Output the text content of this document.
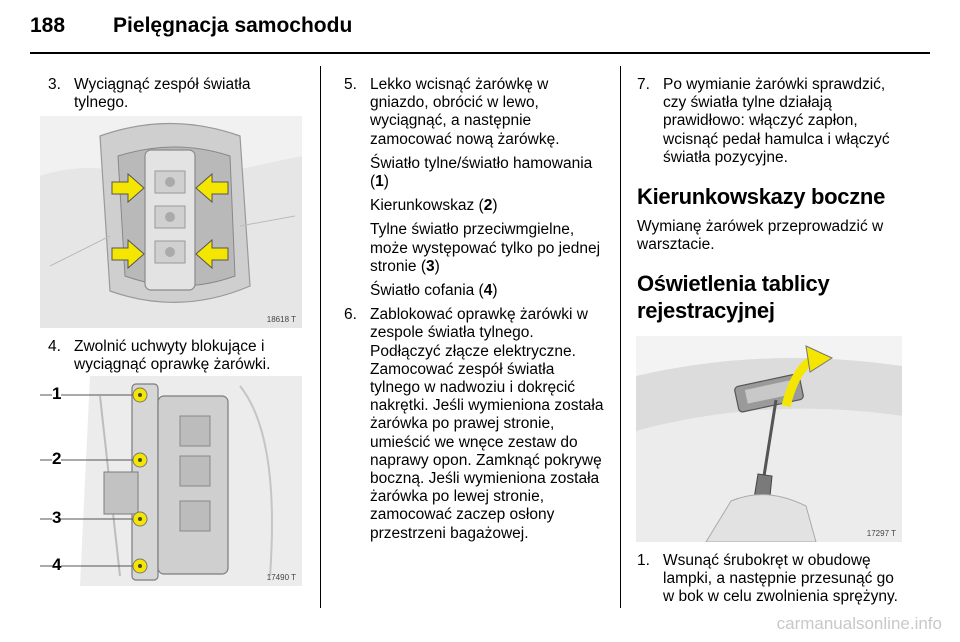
188 Pielęgnacja samochodu
3. Wyciągnąć zespół światła tylnego.
18618 T
4. Zwolnić uchwyty blokujące i wyciągnąć oprawkę żarówki.
1
2
3
4
17490 T
5. Lekko wcisnąć żarówkę w gniazdo, obrócić w lewo, wyciągnąć, a następnie zamocować nową żarówkę.
Światło tylne/światło hamowania (1)
Kierunkowskaz (2)
Tylne światło przeciwmgielne, może występować tylko po jednej stronie (3)
Światło cofania (4)
6. Zablokować oprawkę żarówki w zespole światła tylnego. Podłączyć złącze elektryczne. Zamocować zespół światła tylnego w nadwoziu i dokręcić nakrętki. Jeśli wymieniona została żarówka po prawej stronie, umieścić we wnęce zestaw do naprawy opon. Zamknąć pokrywę boczną. Jeśli wymieniona została żarówka po lewej stronie, zamocować zaczep osłony przestrzeni bagażowej.
7. Po wymianie żarówki sprawdzić, czy światła tylne działają prawidłowo: włączyć zapłon, wcisnąć pedał hamulca i włączyć światła pozycyjne.
Kierunkowskazy boczne
Wymianę żarówek przeprowadzić w warsztacie.
Oświetlenia tablicy rejestracyjnej
17297 T
1. Wsunąć śrubokręt w obudowę lampki, a następnie przesunąć go w bok w celu zwolnienia sprężyny.
carmanualsonline.info
